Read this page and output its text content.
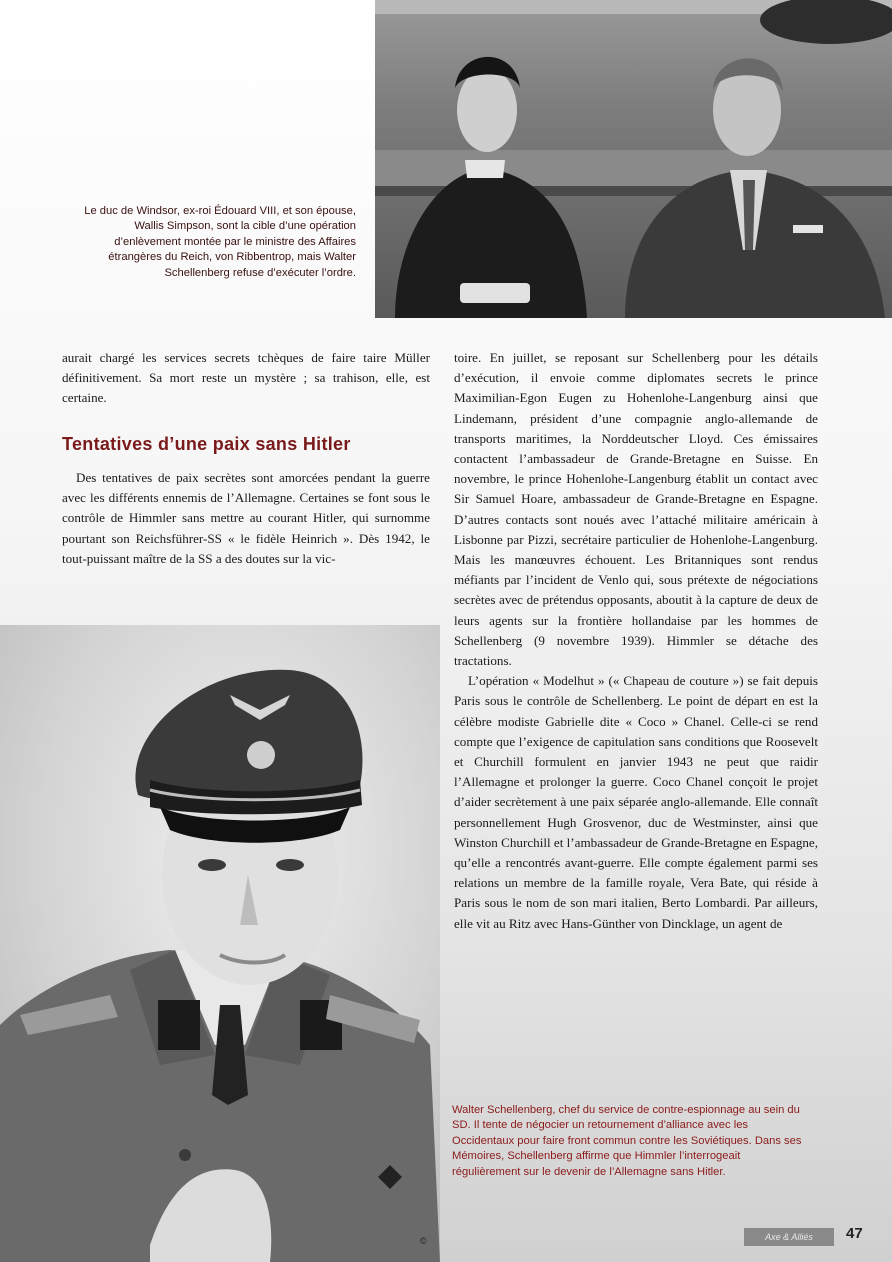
Le duc de Windsor, ex-roi Édouard VIII, et son épouse, Wallis Simpson, sont la cible d’une opération d’enlèvement montée par le ministre des Affaires étrangères du Reich, von Ribbentrop, mais Walter Schellenberg refuse d’exécuter l’ordre.
aurait chargé les services secrets tchèques de faire taire Müller définitivement. Sa mort reste un mystère ; sa trahison, elle, est certaine.
Tentatives d’une paix sans Hitler
Des tentatives de paix secrètes sont amorcées pendant la guerre avec les différents ennemis de l’Allemagne. Certaines se font sous le contrôle de Himmler sans mettre au courant Hitler, qui surnomme pourtant son Reichsführer-SS « le fidèle Heinrich ». Dès 1942, le tout-puissant maître de la SS a des doutes sur la vic-

toire. En juillet, se reposant sur Schellenberg pour les détails d’exécution, il envoie comme diplomates secrets le prince Maximilian-Egon Eugen zu Hohenlohe-Langenburg ainsi que Lindemann, président d’une compagnie anglo-allemande de transports maritimes, la Norddeutscher Lloyd. Ces émissaires contactent l’ambassadeur de Grande-Bretagne en Suisse. En novembre, le prince Hohenlohe-Langenburg établit un contact avec Sir Samuel Hoare, ambassadeur de Grande-Bretagne en Espagne. D’autres contacts sont noués avec l’attaché militaire américain à Lisbonne par Pizzi, secrétaire particulier de Hohenlohe-Langenburg. Mais les manœuvres échouent. Les Britanniques sont rendus méfiants par l’incident de Venlo qui, sous prétexte de négociations secrètes avec de prétendus opposants, aboutit à la capture de deux de leurs agents sur la frontière hollandaise par les hommes de Schellenberg (9 novembre 1939). Himmler se détache des tractations.

L’opération « Modelhut » (« Chapeau de couture ») se fait depuis Paris sous le contrôle de Schellenberg. Le point de départ en est la célèbre modiste Gabrielle dite « Coco » Chanel. Celle-ci se rend compte que l’exigence de capitulation sans conditions que Roosevelt et Churchill formulent en janvier 1943 ne peut que raidir l’Allemagne et prolonger la guerre. Coco Chanel conçoit le projet d’aider secrètement à une paix séparée anglo-allemande. Elle connaît personnellement Hugh Grosvenor, duc de Westminster, ainsi que Winston Churchill et l’ambassadeur de Grande-Bretagne en Espagne, qu’elle a rencontrés avant-guerre. Elle compte également parmi ses relations un membre de la famille royale, Vera Bate, qui réside à Paris sous le nom de son mari italien, Berto Lombardi. Par ailleurs, elle vit au Ritz avec Hans-Günther von Dincklage, un agent de

Walter Schellenberg, chef du service de contre-espionnage au sein du SD. Il tente de négocier un retournement d’alliance avec les Occidentaux pour faire front commun contre les Soviétiques. Dans ses Mémoires, Schellenberg affirme que Himmler l’interrogeait régulièrement sur le devenir de l’Allemagne sans Hitler.
©	Axe & Alliés	47
